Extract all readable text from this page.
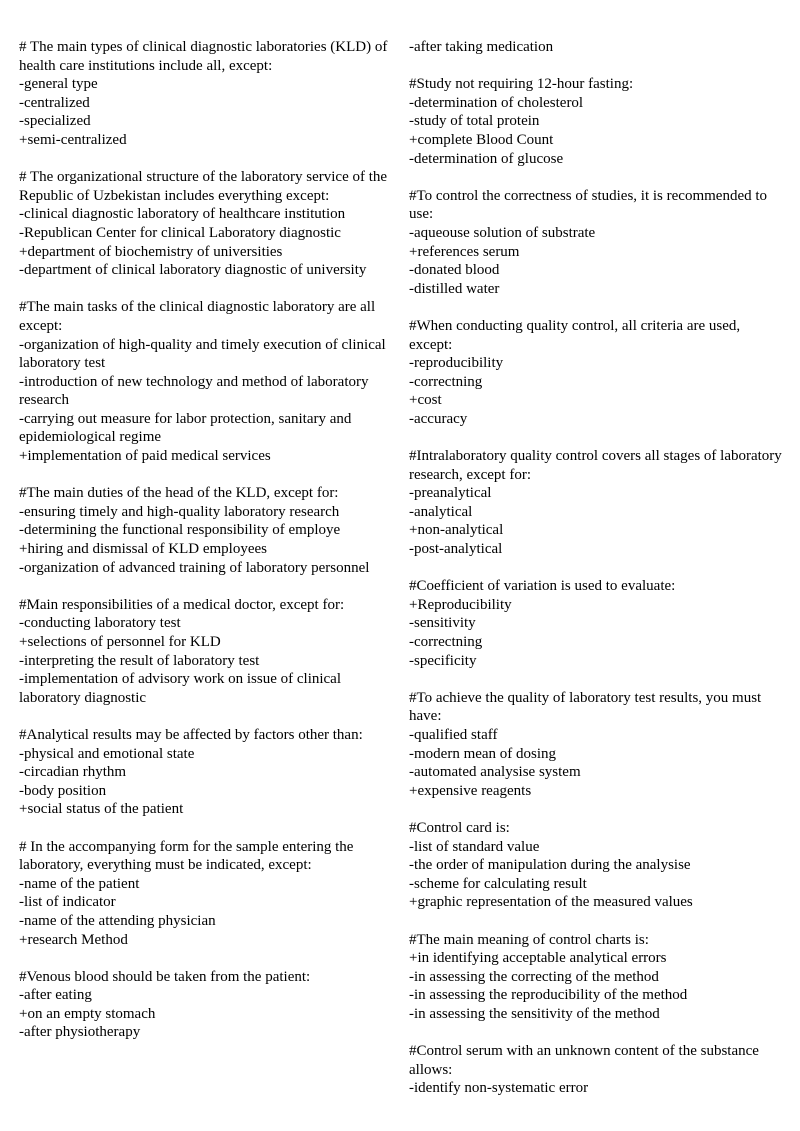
# The main types of clinical diagnostic laboratories (KLD) of health care institutions include all, except:
-general type
-centralized
-specialized
+semi-centralized
# The organizational structure of the laboratory service of the Republic of Uzbekistan includes everything except:
-clinical diagnostic laboratory of healthcare institution
-Republican Center for clinical Laboratory diagnostic
+department of biochemistry of universities
-department of clinical laboratory diagnostic of university
#The main tasks of the clinical diagnostic laboratory are all except:
-organization of high-quality and timely execution of clinical laboratory test
-introduction of new technology and method of laboratory research
-carrying out measure for labor protection, sanitary and epidemiological regime
+implementation of paid medical services
#The main duties of the head of the KLD, except for:
-ensuring timely and high-quality laboratory research
-determining the functional responsibility of employe
+hiring and dismissal of KLD employees
-organization of advanced training of laboratory personnel
#Main responsibilities of a medical doctor, except for:
-conducting laboratory test
+selections of personnel for KLD
-interpreting the result of laboratory test
-implementation of advisory work on issue of clinical laboratory diagnostic
#Analytical results may be affected by factors other than:
-physical and emotional state
-circadian rhythm
-body position
+social status of the patient
# In the accompanying form for the sample entering the laboratory, everything must be indicated, except:
-name of the patient
-list of indicator
-name of the attending physician
+research Method
#Venous blood should be taken from the patient:
-after eating
+on an empty stomach
-after physiotherapy
-after taking medication
#Study not requiring 12-hour fasting:
-determination of cholesterol
-study of total protein
+complete Blood Count
-determination of glucose
#To control the correctness of studies, it is recommended to use:
-aqueouse solution of substrate
+references serum
-donated blood
-distilled water
#When conducting quality control, all criteria are used, except:
-reproducibility
-correctning
+cost
-accuracy
#Intralaboratory quality control covers all stages of laboratory research, except for:
-preanalytical
-analytical
+non-analytical
-post-analytical
#Coefficient of variation is used to evaluate:
+Reproducibility
-sensitivity
-correctning
-specificity
#To achieve the quality of laboratory test results, you must have:
-qualified staff
-modern mean of dosing
-automated analysise system
+expensive reagents
#Control card is:
-list of standard value
-the order of manipulation during the analysise
-scheme for calculating result
+graphic representation of the measured values
#The main meaning of control charts is:
+in identifying acceptable analytical errors
-in assessing the correcting of the method
-in assessing the reproducibility of the method
-in assessing the sensitivity of the method
#Control serum with an unknown content of the substance allows:
-identify non-systematic error
